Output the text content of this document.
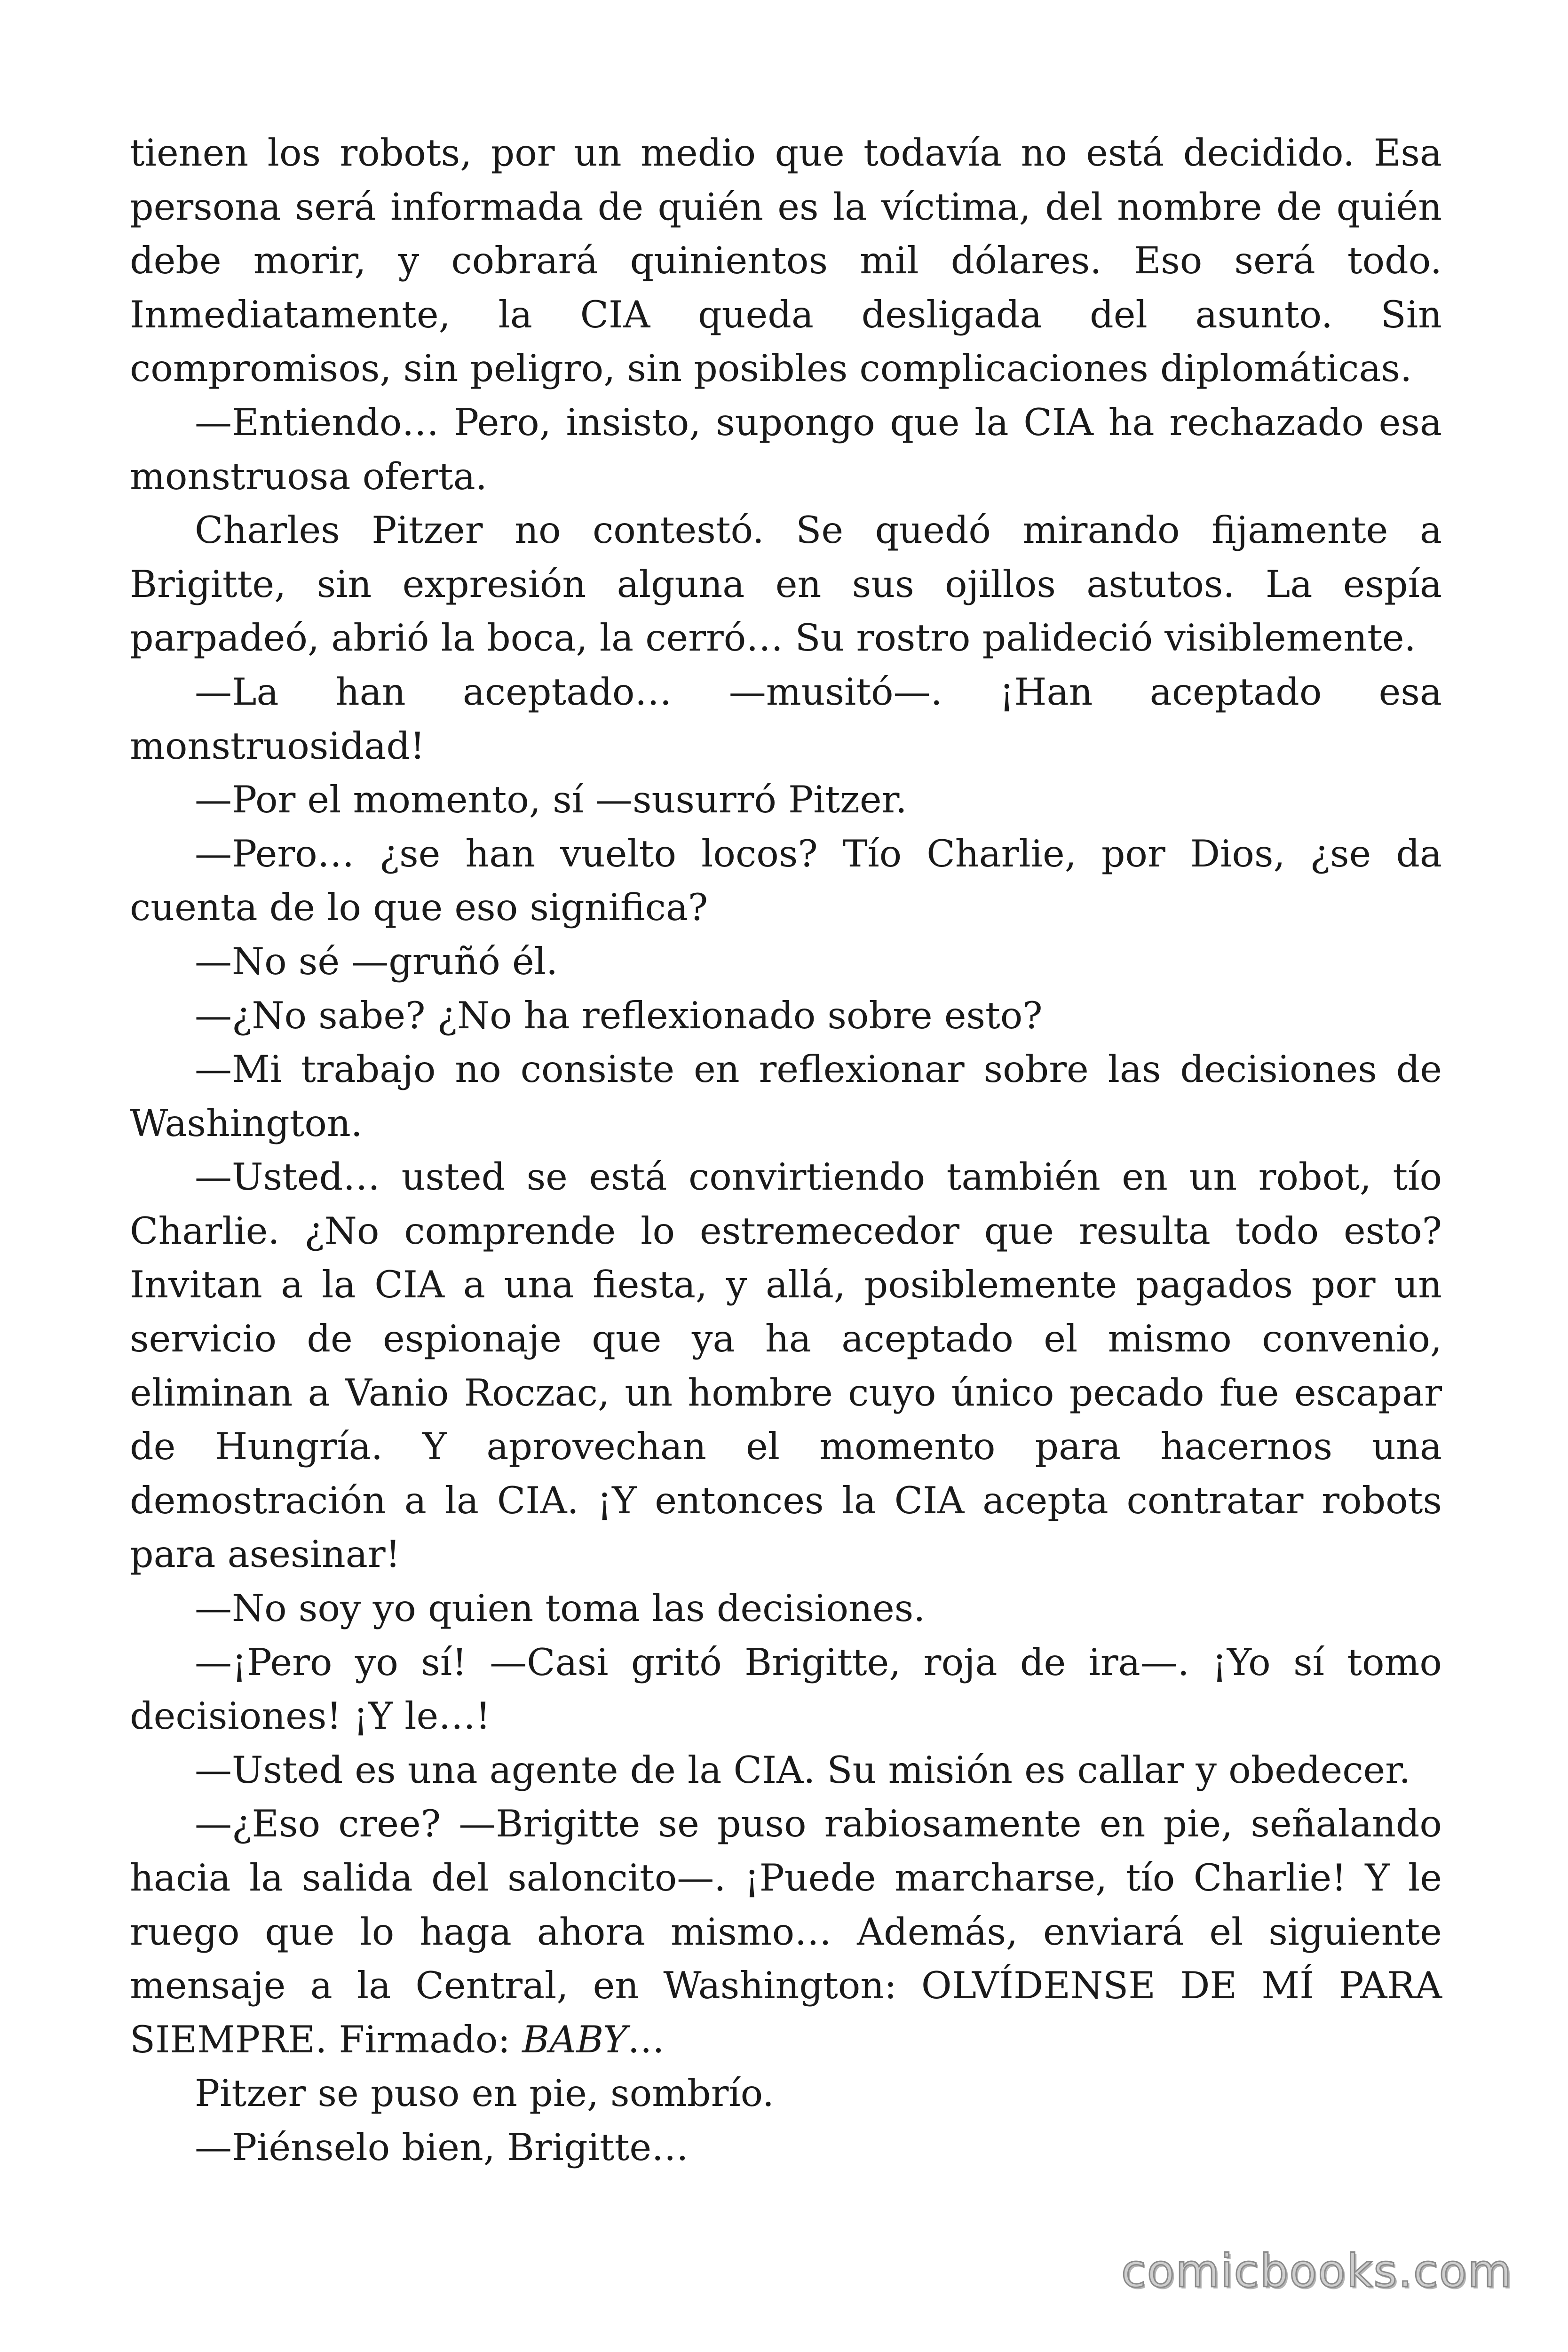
tienen los robots, por un medio que todavía no está decidido. Esa persona será informada de quién es la víctima, del nombre de quién debe morir, y cobrará quinientos mil dólares. Eso será todo. Inmediatamente, la CIA queda desligada del asunto. Sin compromisos, sin peligro, sin posibles complicaciones diplomáticas.

—Entiendo… Pero, insisto, supongo que la CIA ha rechazado esa monstruosa oferta.

Charles Pitzer no contestó. Se quedó mirando fijamente a Brigitte, sin expresión alguna en sus ojillos astutos. La espía parpadeó, abrió la boca, la cerró… Su rostro palideció visiblemente.

—La han aceptado… —musitó—. ¡Han aceptado esa monstruosidad!

—Por el momento, sí —susurró Pitzer.

—Pero… ¿se han vuelto locos? Tío Charlie, por Dios, ¿se da cuenta de lo que eso significa?

—No sé —gruñó él.

—¿No sabe? ¿No ha reflexionado sobre esto?

—Mi trabajo no consiste en reflexionar sobre las decisiones de Washington.

—Usted… usted se está convirtiendo también en un robot, tío Charlie. ¿No comprende lo estremecedor que resulta todo esto? Invitan a la CIA a una fiesta, y allá, posiblemente pagados por un servicio de espionaje que ya ha aceptado el mismo convenio, eliminan a Vanio Roczac, un hombre cuyo único pecado fue escapar de Hungría. Y aprovechan el momento para hacernos una demostración a la CIA. ¡Y entonces la CIA acepta contratar robots para asesinar!

—No soy yo quien toma las decisiones.

—¡Pero yo sí! —Casi gritó Brigitte, roja de ira—. ¡Yo sí tomo decisiones! ¡Y le…!

—Usted es una agente de la CIA. Su misión es callar y obedecer.

—¿Eso cree? —Brigitte se puso rabiosamente en pie, señalando hacia la salida del saloncito—. ¡Puede marcharse, tío Charlie! Y le ruego que lo haga ahora mismo… Además, enviará el siguiente mensaje a la Central, en Washington: OLVÍDENSE DE MÍ PARA SIEMPRE. Firmado: BABY…

Pitzer se puso en pie, sombrío.

—Piénselo bien, Brigitte…

comicbooks.com
